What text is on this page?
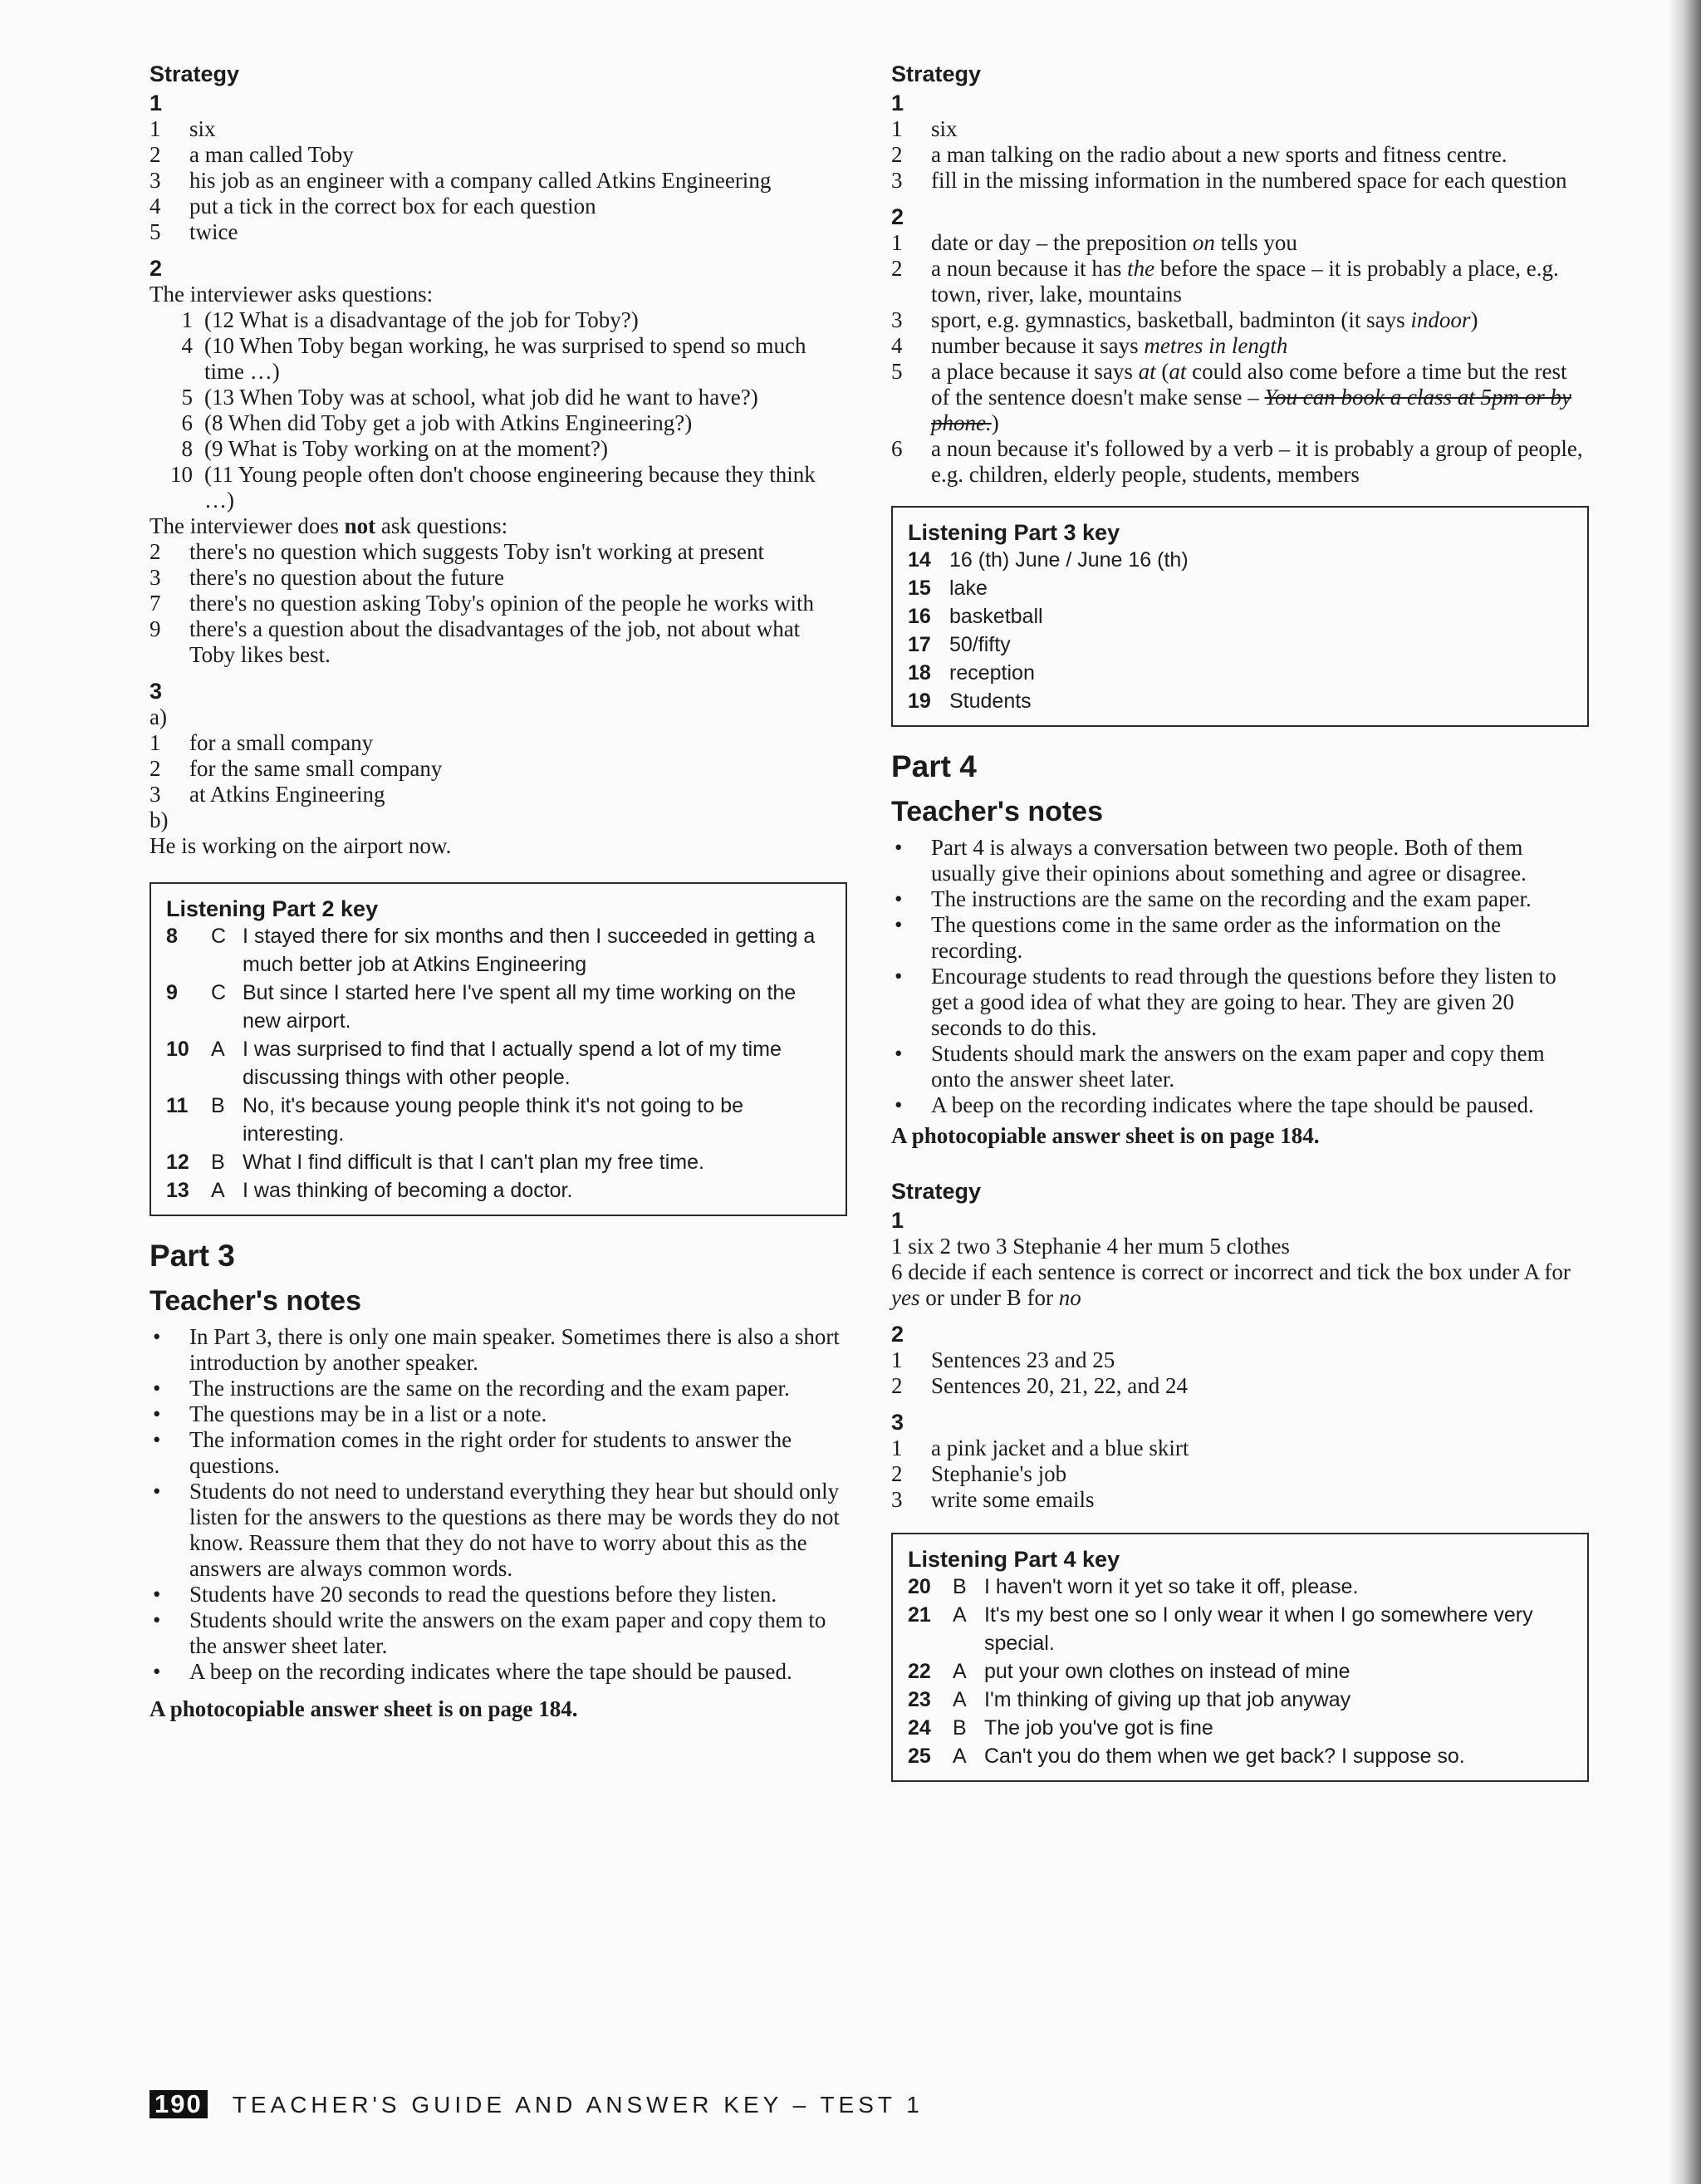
Strategy
1
1	six
2	a man called Toby
3	his job as an engineer with a company called Atkins Engineering
4	put a tick in the correct box for each question
5	twice
2
The interviewer asks questions:
1 (12 What is a disadvantage of the job for Toby?)
4 (10 When Toby began working, he was surprised to spend so much time …)
5 (13 When Toby was at school, what job did he want to have?)
6 (8 When did Toby get a job with Atkins Engineering?)
8 (9 What is Toby working on at the moment?)
10 (11 Young people often don't choose engineering because they think …)
The interviewer does not ask questions:
2	there's no question which suggests Toby isn't working at present
3	there's no question about the future
7	there's no question asking Toby's opinion of the people he works with
9	there's a question about the disadvantages of the job, not about what Toby likes best.
3
a)
1	for a small company
2	for the same small company
3	at Atkins Engineering
b)
He is working on the airport now.
Listening Part 2 key
8	C I stayed there for six months and then I succeeded in getting a much better job at Atkins Engineering
9	C But since I started here I've spent all my time working on the new airport.
10	A I was surprised to find that I actually spend a lot of my time discussing things with other people.
11	B No, it's because young people think it's not going to be interesting.
12	B What I find difficult is that I can't plan my free time.
13	A I was thinking of becoming a doctor.
Part 3
Teacher's notes
•	In Part 3, there is only one main speaker. Sometimes there is also a short introduction by another speaker.
•	The instructions are the same on the recording and the exam paper.
•	The questions may be in a list or a note.
•	The information comes in the right order for students to answer the questions.
•	Students do not need to understand everything they hear but should only listen for the answers to the questions as there may be words they do not know. Reassure them that they do not have to worry about this as the answers are always common words.
•	Students have 20 seconds to read the questions before they listen.
•	Students should write the answers on the exam paper and copy them to the answer sheet later.
•	A beep on the recording indicates where the tape should be paused.
A photocopiable answer sheet is on page 184.
Strategy
1
1	six
2	a man talking on the radio about a new sports and fitness centre.
3	fill in the missing information in the numbered space for each question
2
1	date or day – the preposition on tells you
2	a noun because it has the before the space – it is probably a place, e.g. town, river, lake, mountains
3	sport, e.g. gymnastics, basketball, badminton (it says indoor)
4	number because it says metres in length
5	a place because it says at (at could also come before a time but the rest of the sentence doesn't make sense – You can book a class at 5pm or by phone.)
6	a noun because it's followed by a verb – it is probably a group of people, e.g. children, elderly people, students, members
Listening Part 3 key
14 16 (th) June / June 16 (th)
15 lake
16 basketball
17 50/fifty
18 reception
19 Students
Part 4
Teacher's notes
•	Part 4 is always a conversation between two people. Both of them usually give their opinions about something and agree or disagree.
•	The instructions are the same on the recording and the exam paper.
•	The questions come in the same order as the information on the recording.
•	Encourage students to read through the questions before they listen to get a good idea of what they are going to hear. They are given 20 seconds to do this.
•	Students should mark the answers on the exam paper and copy them onto the answer sheet later.
•	A beep on the recording indicates where the tape should be paused.
A photocopiable answer sheet is on page 184.
Strategy
1
1 six 2 two 3 Stephanie 4 her mum 5 clothes
6 decide if each sentence is correct or incorrect and tick the box under A for yes or under B for no
2
1	Sentences 23 and 25
2	Sentences 20, 21, 22, and 24
3
1	a pink jacket and a blue skirt
2	Stephanie's job
3	write some emails
Listening Part 4 key
20	B I haven't worn it yet so take it off, please.
21	A It's my best one so I only wear it when I go somewhere very special.
22	A put your own clothes on instead of mine
23	A I'm thinking of giving up that job anyway
24	B The job you've got is fine
25	A Can't you do them when we get back? I suppose so.
190 TEACHER'S GUIDE AND ANSWER KEY – TEST 1
